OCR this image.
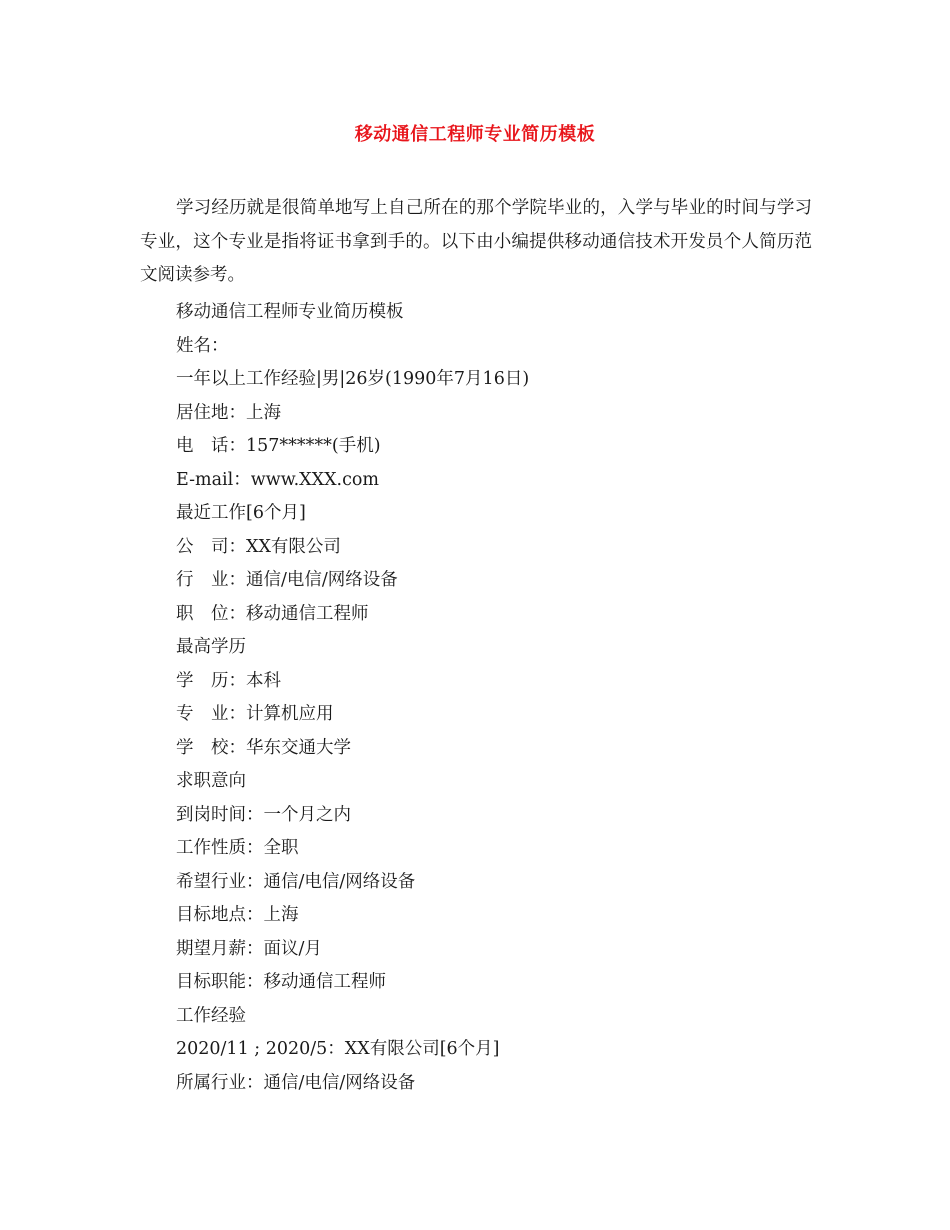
移动通信工程师专业简历模板

学习经历就是很简单地写上自己所在的那个学院毕业的，入学与毕业的时间与学习专业，这个专业是指将证书拿到手的。以下由小编提供移动通信技术开发员个人简历范文阅读参考。

移动通信工程师专业简历模板
姓名：
一年以上工作经验|男|26岁(1990年7月16日)
居住地：上海
电　话：157******(手机)
E-mail：www.XXX.com
最近工作[6个月]
公　司：XX有限公司
行　业：通信/电信/网络设备
职　位：移动通信工程师
最高学历
学　历：本科
专　业：计算机应用
学　校：华东交通大学
求职意向
到岗时间：一个月之内
工作性质：全职
希望行业：通信/电信/网络设备
目标地点：上海
期望月薪：面议/月
目标职能：移动通信工程师
工作经验
2020/11 ; 2020/5：XX有限公司[6个月]
所属行业：通信/电信/网络设备
